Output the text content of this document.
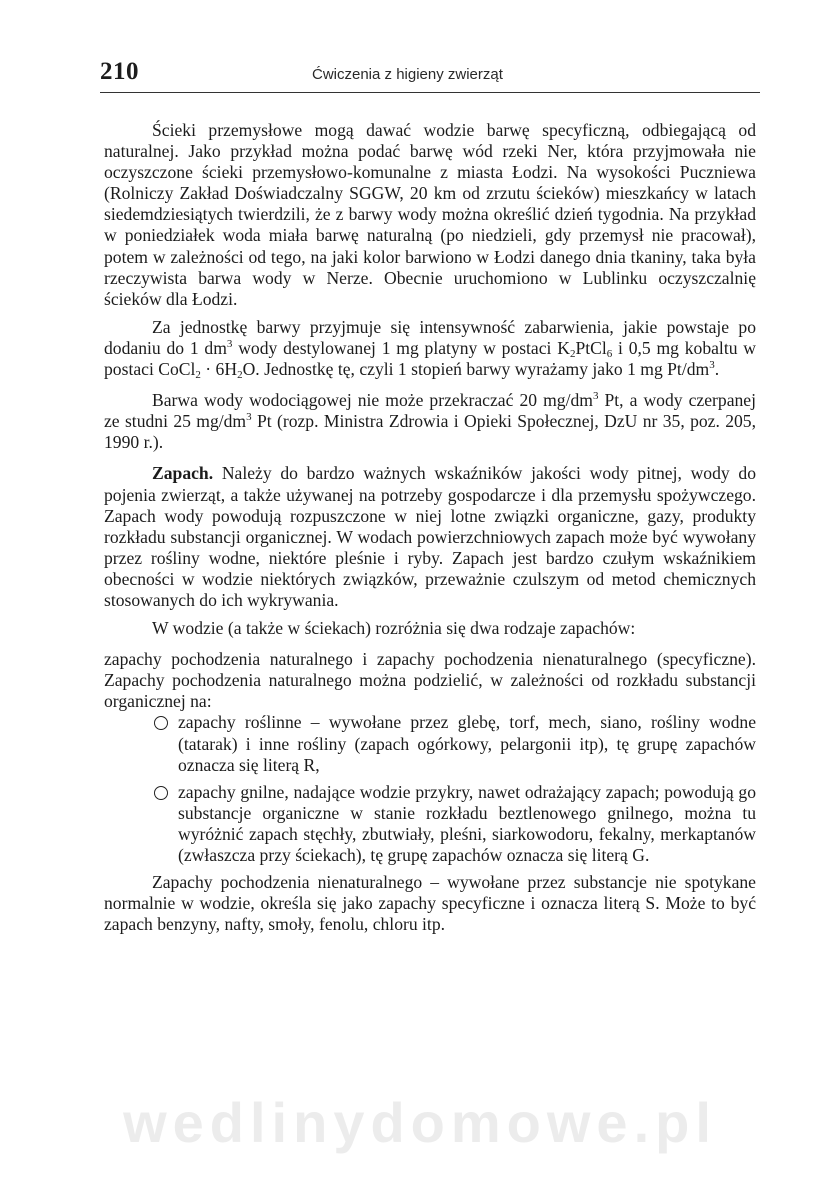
210	Ćwiczenia z higieny zwierząt

Ścieki przemysłowe mogą dawać wodzie barwę specyficzną, odbiegającą od naturalnej. Jako przykład można podać barwę wód rzeki Ner, która przyjmowała nie oczyszczone ścieki przemysłowo-komunalne z miasta Łodzi. Na wysokości Puczniewa (Rolniczy Zakład Doświadczalny SGGW, 20 km od zrzutu ścieków) mieszkańcy w latach siedemdziesiątych twierdzili, że z barwy wody można określić dzień tygodnia. Na przykład w poniedziałek woda miała barwę naturalną (po niedzieli, gdy przemysł nie pracował), potem w zależności od tego, na jaki kolor barwiono w Łodzi danego dnia tkaniny, taka była rzeczywista barwa wody w Nerze. Obecnie uruchomiono w Lublinku oczyszczalnię ścieków dla Łodzi.

Za jednostkę barwy przyjmuje się intensywność zabarwienia, jakie powstaje po dodaniu do 1 $dm^3$ wody destylowanej 1 mg platyny w postaci $K_2PtCl_6$ i 0,5 mg kobaltu w postaci CoCl$_2$ · $6H_2O$. Jednostkę tę, czyli 1 stopień barwy wyrażamy jako 1 mg $Pt/dm^3$.

Barwa wody wodociągowej nie może przekraczać 20 $mg/dm^3$ Pt, a wody czerpanej ze studni 25 $mg/dm^3$ Pt (rozp. Ministra Zdrowia i Opieki Społecznej, DzU nr 35, poz. 205, 1990 r.).

Zapach. Należy do bardzo ważnych wskaźników jakości wody pitnej, wody do pojenia zwierząt, a także używanej na potrzeby gospodarcze i dla przemysłu spożywczego. Zapach wody powodują rozpuszczone w niej lotne związki organiczne, gazy, produkty rozkładu substancji organicznej. W wodach powierzchniowych zapach może być wywołany przez rośliny wodne, niektóre pleśnie i ryby. Zapach jest bardzo czułym wskaźnikiem obecności w wodzie niektórych związków, przeważnie czulszym od metod chemicznych stosowanych do ich wykrywania.

W wodzie (a także w ściekach) rozróżnia się dwa rodzaje zapachów:

zapachy pochodzenia naturalnego i zapachy pochodzenia nienaturalnego (specyficzne). Zapachy pochodzenia naturalnego można podzielić, w zależności od rozkładu substancji organicznej na:

zapachy roślinne – wywołane przez glebę, torf, mech, siano, rośliny wodne (tatarak) i inne rośliny (zapach ogórkowy, pelargonii itp), tę grupę zapachów oznacza się literą R,
zapachy gnilne, nadające wodzie przykry, nawet odrażający zapach; powodują go substancje organiczne w stanie rozkładu beztlenowego gnilnego, można tu wyróżnić zapach stęchły, zbutwiały, pleśni, siarkowodoru, fekalny, merkaptanów (zwłaszcza przy ściekach), tę grupę zapachów oznacza się literą G.

Zapachy pochodzenia nienaturalnego – wywołane przez substancje nie spotykane normalnie w wodzie, określa się jako zapachy specyficzne i oznacza literą S. Może to być zapach benzyny, nafty, smoły, fenolu, chloru itp.

wedlinydomowe.pl
